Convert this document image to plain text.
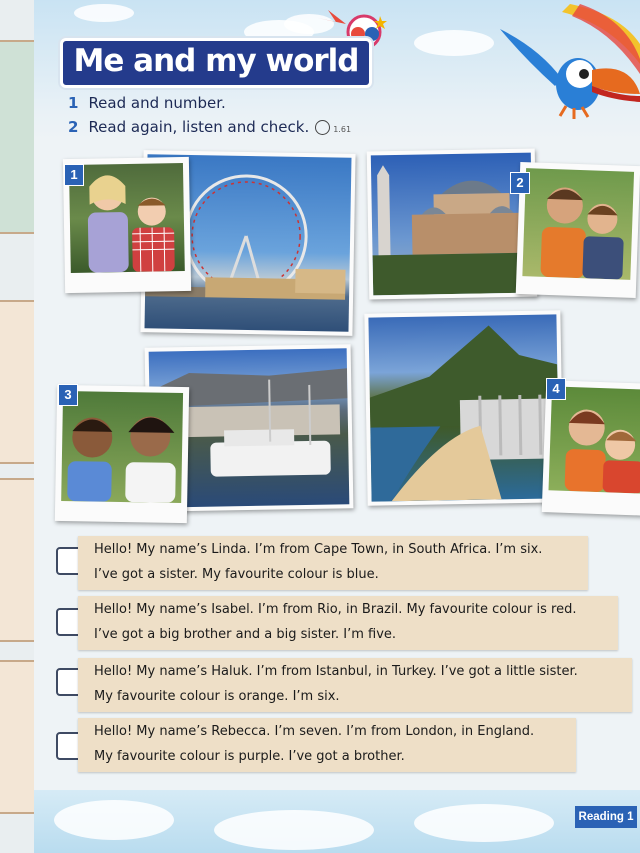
Me and my world
1 Read and number.
2 Read again, listen and check.	1.61
1
2
3	4
Hello! My name’s Linda. I’m from Cape Town, in South Africa. I’m six.
I’ve got a sister. My favourite colour is blue.
Hello! My name’s Isabel. I’m from Rio, in Brazil. My favourite colour is red.
I’ve got a big brother and a big sister. I’m five.
Hello! My name’s Haluk. I’m from Istanbul, in Turkey. I’ve got a little sister.
My favourite colour is orange. I’m six.
Hello! My name’s Rebecca. I’m seven. I’m from London, in England.
My favourite colour is purple. I’ve got a brother.
Reading 1
